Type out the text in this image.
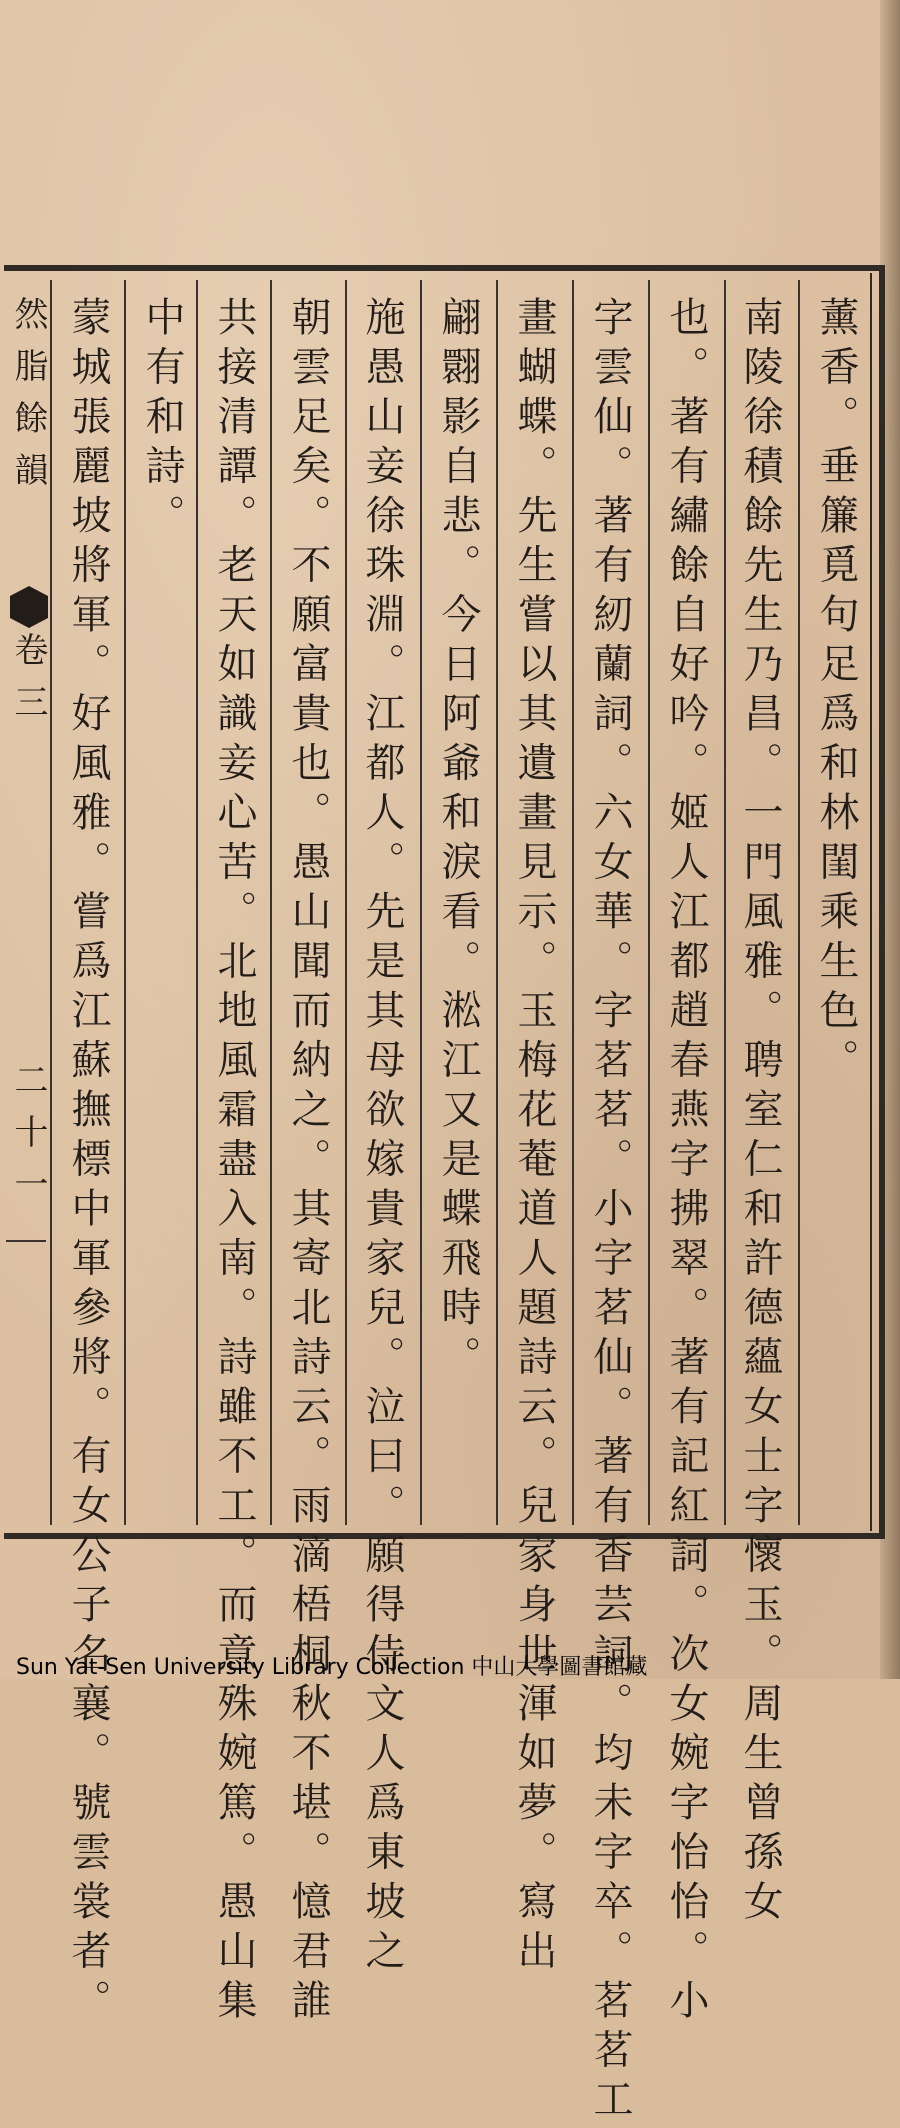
然脂餘韻
卷三
二十一
薰香。垂簾覓句足爲和林閨乘生色。
南陵徐積餘先生乃昌。一門風雅。聘室仁和許德蘊女士字懷玉。周生曾孫女
也。著有繡餘自好吟。姬人江都趙春燕字拂翠。著有記紅詞。次女婉字怡怡。小
字雲仙。著有紉蘭詞。六女華。字茗茗。小字茗仙。著有香芸詞。均未字卒。茗茗工
畫蝴蝶。先生嘗以其遺畫見示。玉梅花菴道人題詩云。兒家身世渾如夢。寫出
翩翾影自悲。今日阿爺和淚看。淞江又是蝶飛時。
施愚山妾徐珠淵。江都人。先是其母欲嫁貴家兒。泣曰。願得侍文人爲東坡之
朝雲足矣。不願富貴也。愚山聞而納之。其寄北詩云。雨滴梧桐秋不堪。憶君誰
共接清譚。老天如識妾心苦。北地風霜盡入南。詩雖不工。而意殊婉篤。愚山集
中有和詩。
蒙城張麗坡將軍。好風雅。嘗爲江蘇撫標中軍參將。有女公子名襄。號雲裳者。
Sun Yat-Sen University Library Collection 中山大學圖書館藏
